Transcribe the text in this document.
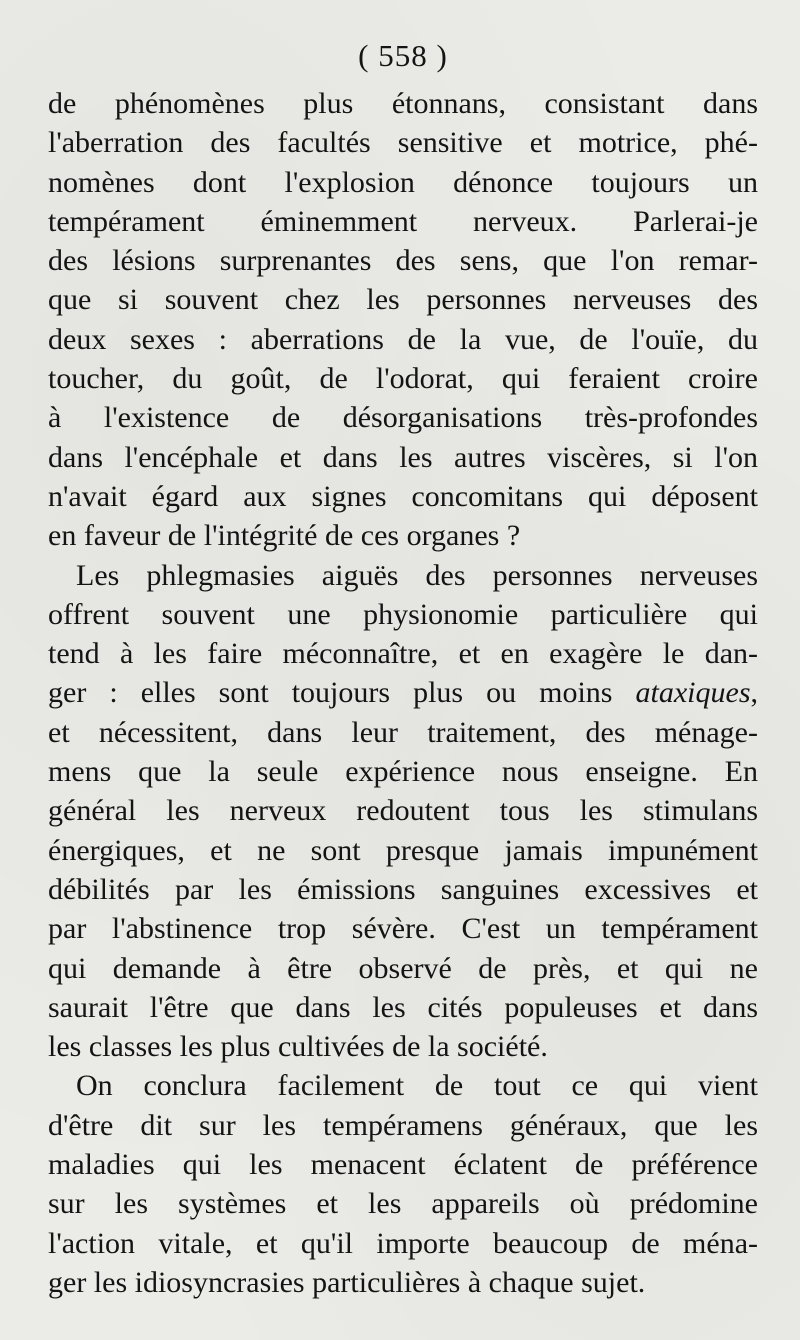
( 558 )
de phénomènes plus étonnans, consistant dans
l'aberration des facultés sensitive et motrice, phé-
nomènes dont l'explosion dénonce toujours un
tempérament éminemment nerveux. Parlerai-je
des lésions surprenantes des sens, que l'on remar-
que si souvent chez les personnes nerveuses des
deux sexes : aberrations de la vue, de l'ouïe, du
toucher, du goût, de l'odorat, qui feraient croire
à l'existence de désorganisations très-profondes
dans l'encéphale et dans les autres viscères, si l'on
n'avait égard aux signes concomitans qui déposent
en faveur de l'intégrité de ces organes ?
Les phlegmasies aiguës des personnes nerveuses
offrent souvent une physionomie particulière qui
tend à les faire méconnaître, et en exagère le dan-
ger : elles sont toujours plus ou moins ataxiques,
et nécessitent, dans leur traitement, des ménage-
mens que la seule expérience nous enseigne. En
général les nerveux redoutent tous les stimulans
énergiques, et ne sont presque jamais impunément
débilités par les émissions sanguines excessives et
par l'abstinence trop sévère. C'est un tempérament
qui demande à être observé de près, et qui ne
saurait l'être que dans les cités populeuses et dans
les classes les plus cultivées de la société.
On conclura facilement de tout ce qui vient
d'être dit sur les tempéramens généraux, que les
maladies qui les menacent éclatent de préférence
sur les systèmes et les appareils où prédomine
l'action vitale, et qu'il importe beaucoup de ména-
ger les idiosyncrasies particulières à chaque sujet.
